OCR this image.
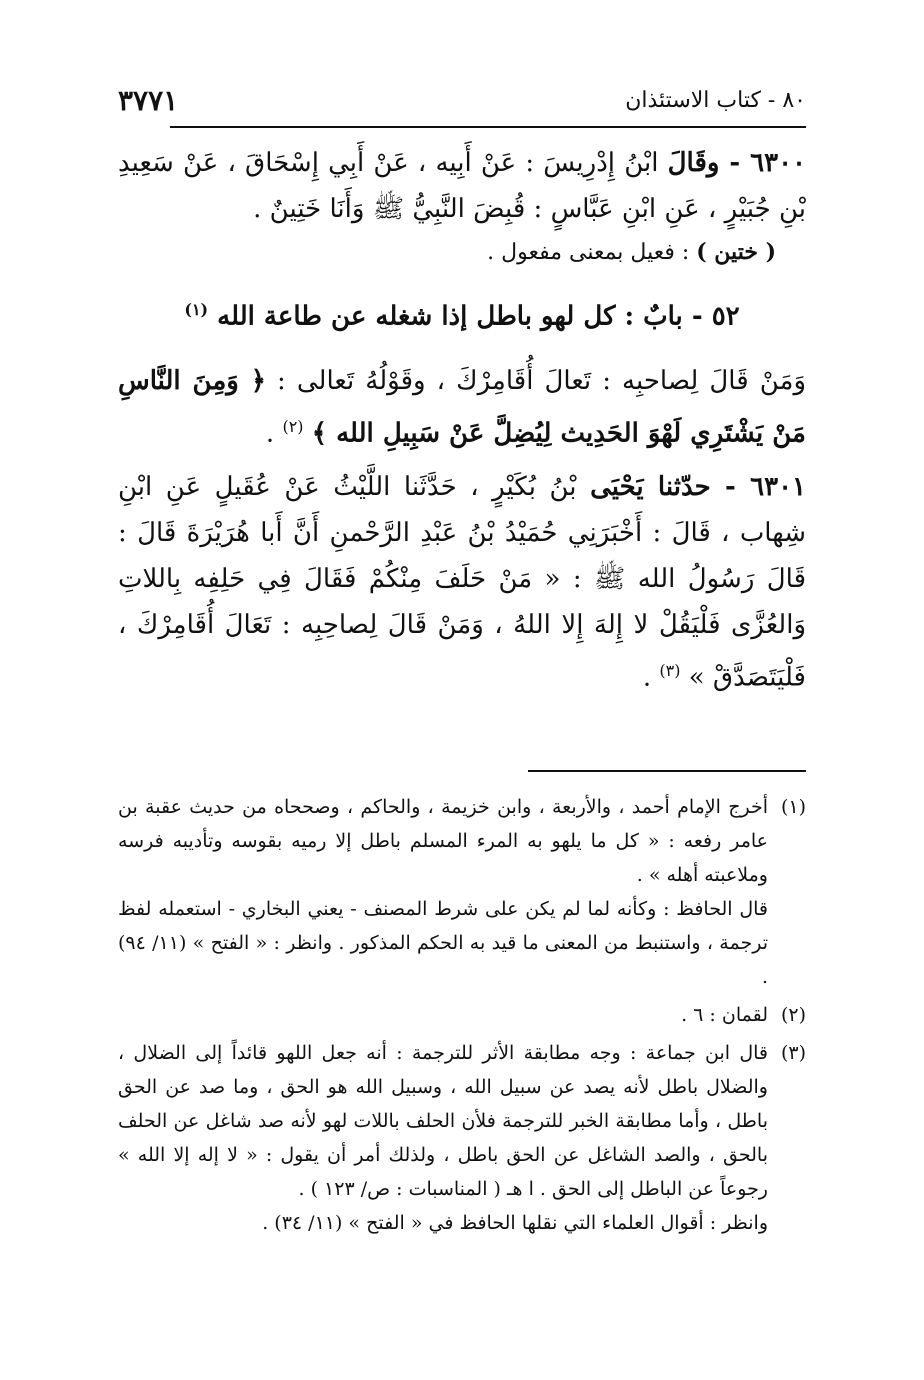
٨٠ - كتاب الاستئذان
٣٧٧١

٦٣٠٠ - وقَالَ ابْنُ إِدْرِيسَ : عَنْ أَبِيه ، عَنْ أَبِي إِسْحَاقَ ، عَنْ سَعِيدِ بْنِ جُبَيْرٍ ، عَنِ ابْنِ عَبَّاسٍ : قُبِضَ النَّبِيُّ ﷺ وَأَنَا خَتِينٌ .

( ختين ) : فعيل بمعنى مفعول .

٥٢ - بابٌ : كل لهو باطل إذا شغله عن طاعة الله $^{(١)}$

وَمَنْ قَالَ لِصاحبِه : تَعالَ أُقَامِرْكَ ، وقَوْلُهُ تَعالى : ﴿ وَمِنَ النَّاسِ مَنْ يَشْتَرِي لَهْوَ الحَدِيث لِيُضِلَّ عَنْ سَبِيلِ الله ﴾ $^{(٢)}$ .

٦٣٠١ - حدّثنا يَحْيَى بْنُ بُكَيْرٍ ، حَدَّثَنا اللَّيْثُ عَنْ عُقَيلٍ عَنِ ابْنِ شِهاب ، قَالَ : أَخْبَرَنِي حُمَيْدُ بْنُ عَبْدِ الرَّحْمنِ أَنَّ أَبا هُرَيْرَةَ قَالَ : قَالَ رَسُولُ الله ﷺ : « مَنْ حَلَفَ مِنْكُمْ فَقَالَ فِي حَلِفِه بِاللاتِ وَالعُزَّى فَلْيَقُلْ لا إِلهَ إِلا اللهُ ، وَمَنْ قَالَ لِصاحِبِه : تَعَالَ أُقَامِرْكَ ، فَلْيَتَصَدَّقْ » $^{(٣)}$ .

(١)

أخرج الإمام أحمد ، والأربعة ، وابن خزيمة ، والحاكم ، وصححاه من حديث عقبة بن عامر رفعه : « كل ما يلهو به المرء المسلم باطل إلا رميه بقوسه وتأديبه فرسه وملاعبته أهله » .

قال الحافظ : وكأنه لما لم يكن على شرط المصنف - يعني البخاري - استعمله لفظ ترجمة ، واستنبط من المعنى ما قيد به الحكم المذكور . وانظر : « الفتح » (١١/ ٩٤) .

(٢)

لقمان : ٦ .

(٣)

قال ابن جماعة : وجه مطابقة الأثر للترجمة : أنه جعل اللهو قائداً إلى الضلال ، والضلال باطل لأنه يصد عن سبيل الله ، وسبيل الله هو الحق ، وما صد عن الحق باطل ، وأما مطابقة الخبر للترجمة فلأن الحلف باللات لهو لأنه صد شاغل عن الحلف بالحق ، والصد الشاغل عن الحق باطل ، ولذلك أمر أن يقول : « لا إله إلا الله » رجوعاً عن الباطل إلى الحق . ا هـ ( المناسبات : ص/ ١٢٣ ) .

وانظر : أقوال العلماء التي نقلها الحافظ في « الفتح » (١١/ ٣٤) .
